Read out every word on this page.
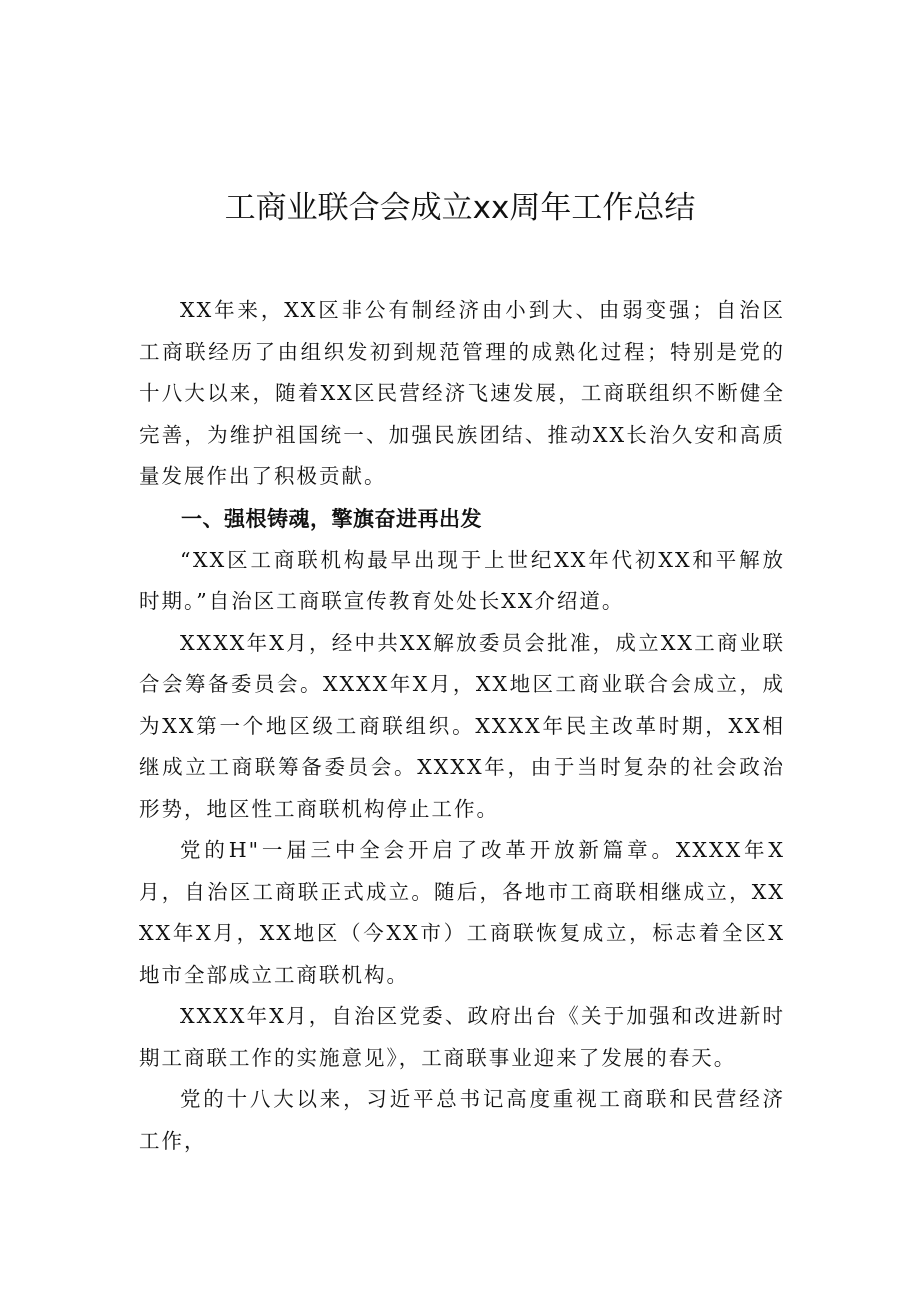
工商业联合会成立xx周年工作总结

XX年来，XX区非公有制经济由小到大、由弱变强；自治区工商联经历了由组织发初到规范管理的成熟化过程；特别是党的十八大以来，随着XX区民营经济飞速发展，工商联组织不断健全完善，为维护祖国统一、加强民族团结、推动XX长治久安和高质量发展作出了积极贡献。

一、强根铸魂，擎旗奋进再出发

“XX区工商联机构最早出现于上世纪XX年代初XX和平解放时期。”自治区工商联宣传教育处处长XX介绍道。

XXXX年X月，经中共XX解放委员会批准，成立XX工商业联合会筹备委员会。XXXX年X月，XX地区工商业联合会成立，成为XX第一个地区级工商联组织。XXXX年民主改革时期，XX相继成立工商联筹备委员会。XXXX年，由于当时复杂的社会政治形势，地区性工商联机构停止工作。

党的H"一届三中全会开启了改革开放新篇章。XXXX年X月，自治区工商联正式成立。随后，各地市工商联相继成立，XXXX年X月，XX地区（今XX市）工商联恢复成立，标志着全区X地市全部成立工商联机构。

XXXX年X月，自治区党委、政府出台《关于加强和改进新时期工商联工作的实施意见》，工商联事业迎来了发展的春天。

党的十八大以来，习近平总书记高度重视工商联和民营经济工作，
